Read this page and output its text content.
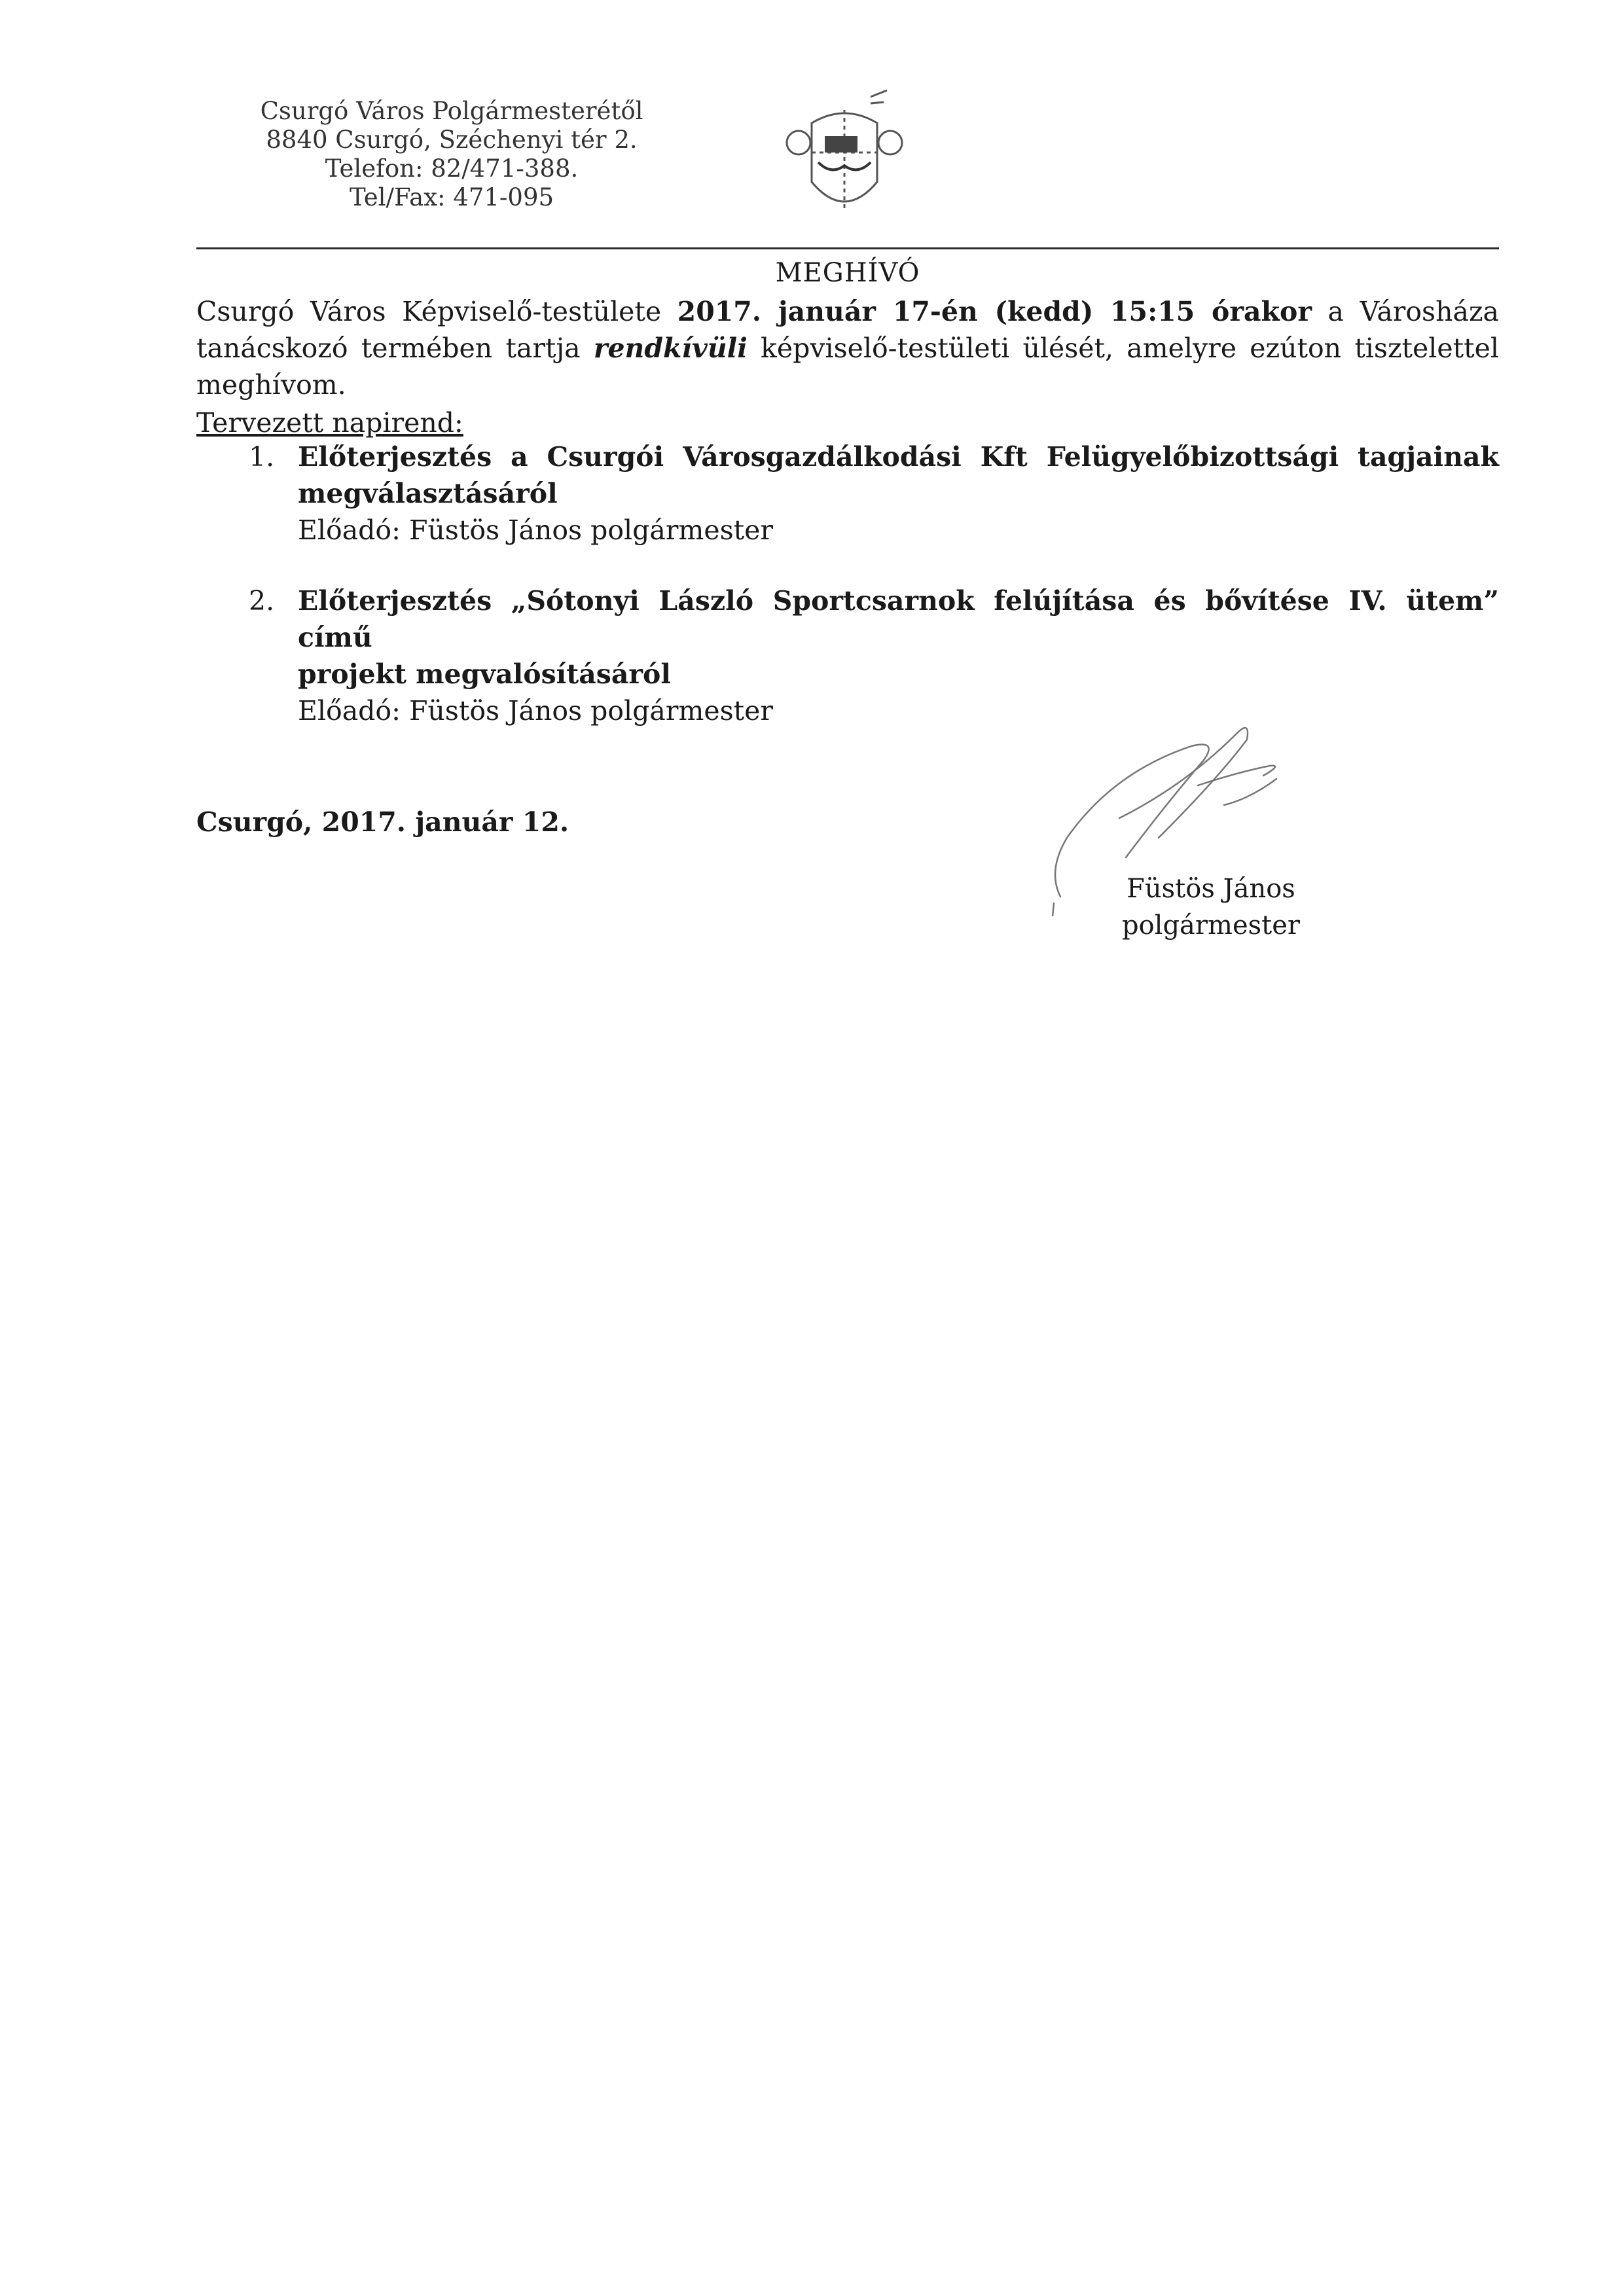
Csurgó Város Polgármesterétől
8840 Csurgó, Széchenyi tér 2.
Telefon: 82/471-388.
Tel/Fax: 471-095
MEGHÍVÓ
Csurgó Város Képviselő-testülete 2017. január 17-én (kedd) 15:15 órakor a Városháza tanácskozó termében tartja rendkívüli képviselő-testületi ülését, amelyre ezúton tisztelettel meghívom.
Tervezett napirend:
1. Előterjesztés a Csurgói Városgazdálkodási Kft Felügyelőbizottsági tagjainak
megválasztásáról
Előadó: Füstös János polgármester
2. Előterjesztés „Sótonyi László Sportcsarnok felújítása és bővítése IV. ütem” című
projekt megvalósításáról
Előadó: Füstös János polgármester
Csurgó, 2017. január 12.
Füstös János
polgármester
